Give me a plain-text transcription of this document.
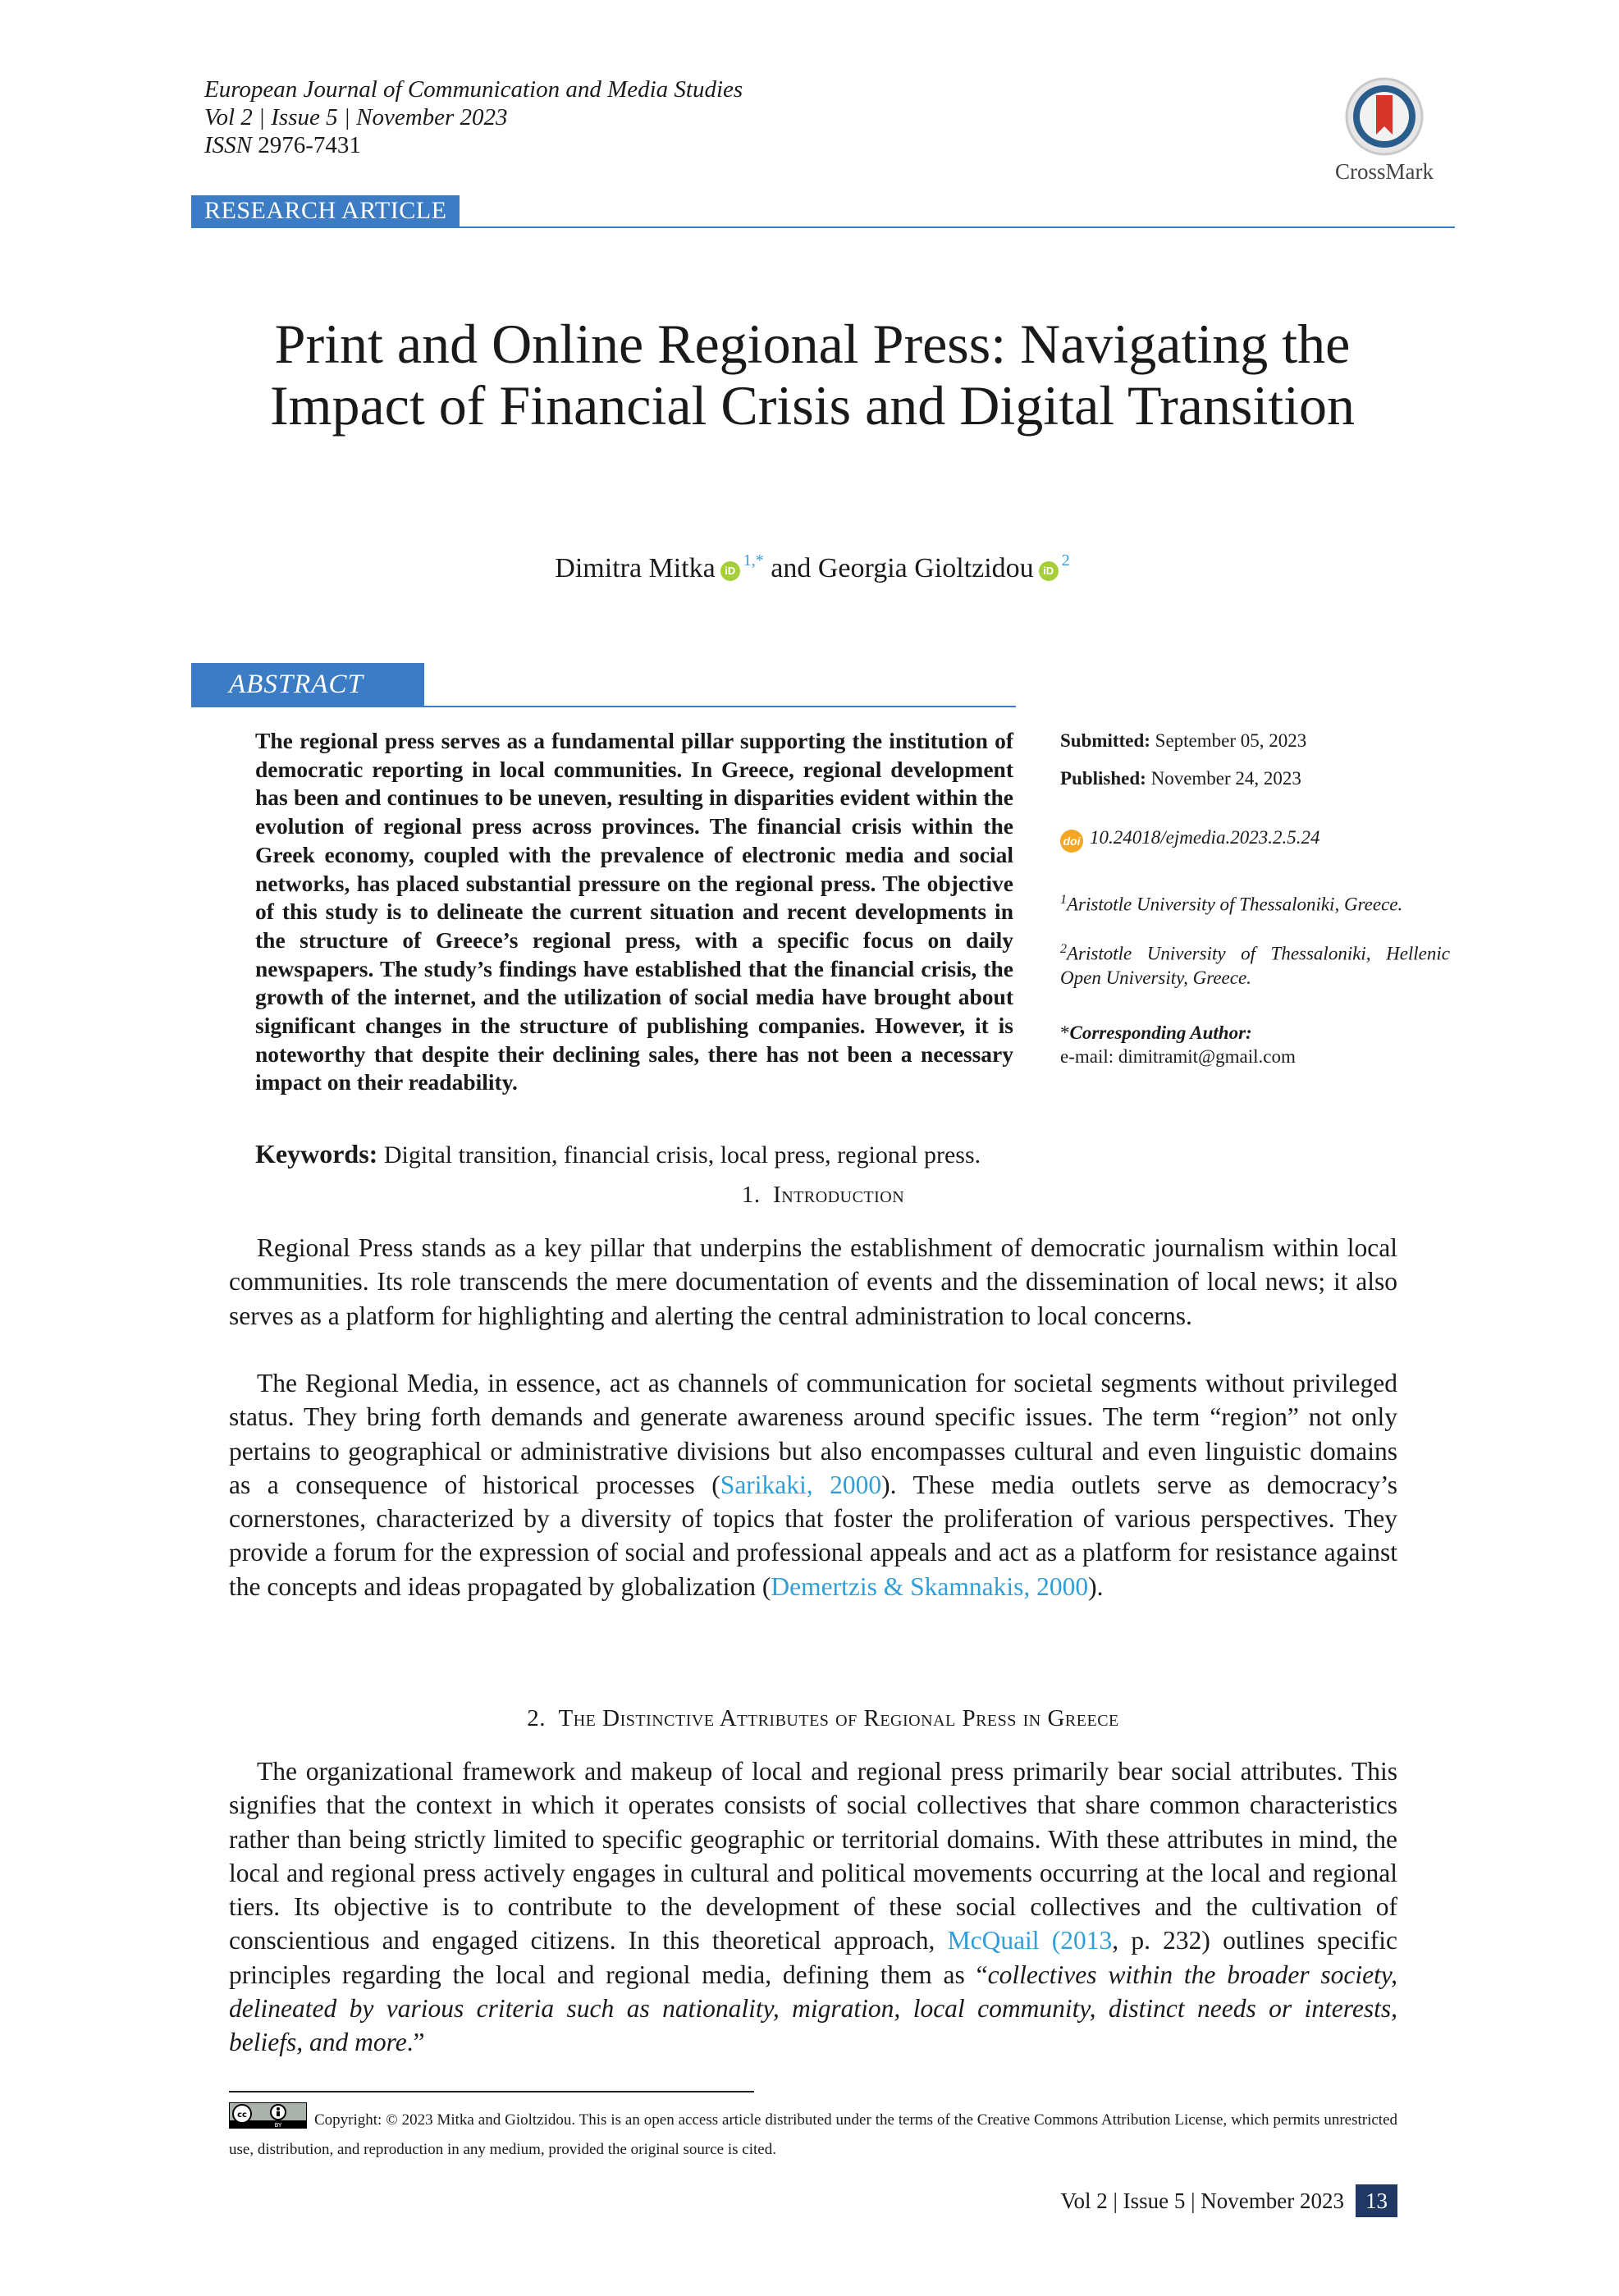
European Journal of Communication and Media Studies
Vol 2 | Issue 5 | November 2023
ISSN 2976-7431
CrossMark
RESEARCH ARTICLE
Print and Online Regional Press: Navigating the Impact of Financial Crisis and Digital Transition
Dimitra Mitka $iD^{1,*}$ and Georgia Gioltzidou $iD^2$
ABSTRACT
The regional press serves as a fundamental pillar supporting the institution of democratic reporting in local communities. In Greece, regional development has been and continues to be uneven, resulting in disparities evident within the evolution of regional press across provinces. The financial crisis within the Greek economy, coupled with the prevalence of electronic media and social networks, has placed substantial pressure on the regional press. The objective of this study is to delineate the current situation and recent developments in the structure of Greece’s regional press, with a specific focus on daily newspapers. The study’s findings have established that the financial crisis, the growth of the internet, and the utilization of social media have brought about significant changes in the structure of publishing companies. However, it is noteworthy that despite their declining sales, there has not been a necessary impact on their readability.
Submitted: September 05, 2023
Published: November 24, 2023
doi 10.24018/ejmedia.2023.2.5.24
$^1$Aristotle University of Thessaloniki, Greece.
$^2$Aristotle University of Thessaloniki, Hellenic Open University, Greece.
*Corresponding Author:
e-mail: dimitramit@gmail.com
Keywords: Digital transition, financial crisis, local press, regional press.
1. Introduction
Regional Press stands as a key pillar that underpins the establishment of democratic journalism within local communities. Its role transcends the mere documentation of events and the dissemination of local news; it also serves as a platform for highlighting and alerting the central administration to local concerns.
The Regional Media, in essence, act as channels of communication for societal segments without privileged status. They bring forth demands and generate awareness around specific issues. The term “region” not only pertains to geographical or administrative divisions but also encompasses cultural and even linguistic domains as a consequence of historical processes (Sarikaki, 2000). These media outlets serve as democracy’s cornerstones, characterized by a diversity of topics that foster the proliferation of various perspectives. They provide a forum for the expression of social and professional appeals and act as a platform for resistance against the concepts and ideas propagated by globalization (Demertzis & Skamnakis, 2000).
2. The Distinctive Attributes of Regional Press in Greece
The organizational framework and makeup of local and regional press primarily bear social attributes. This signifies that the context in which it operates consists of social collectives that share common characteristics rather than being strictly limited to specific geographic or territorial domains. With these attributes in mind, the local and regional press actively engages in cultural and political movements occurring at the local and regional tiers. Its objective is to contribute to the development of these social collectives and the cultivation of conscientious and engaged citizens. In this theoretical approach, McQuail (2013, p. 232) outlines specific principles regarding the local and regional media, defining them as “collectives within the broader society, delineated by various criteria such as nationality, migration, local community, distinct needs or interests, beliefs, and more.”
cc
BY	Copyright: © 2023 Mitka and Gioltzidou. This is an open access article distributed under the terms of the Creative Commons Attribution License, which permits unrestricted use, distribution, and reproduction in any medium, provided the original source is cited.
Vol 2 | Issue 5 | November 2023 13
